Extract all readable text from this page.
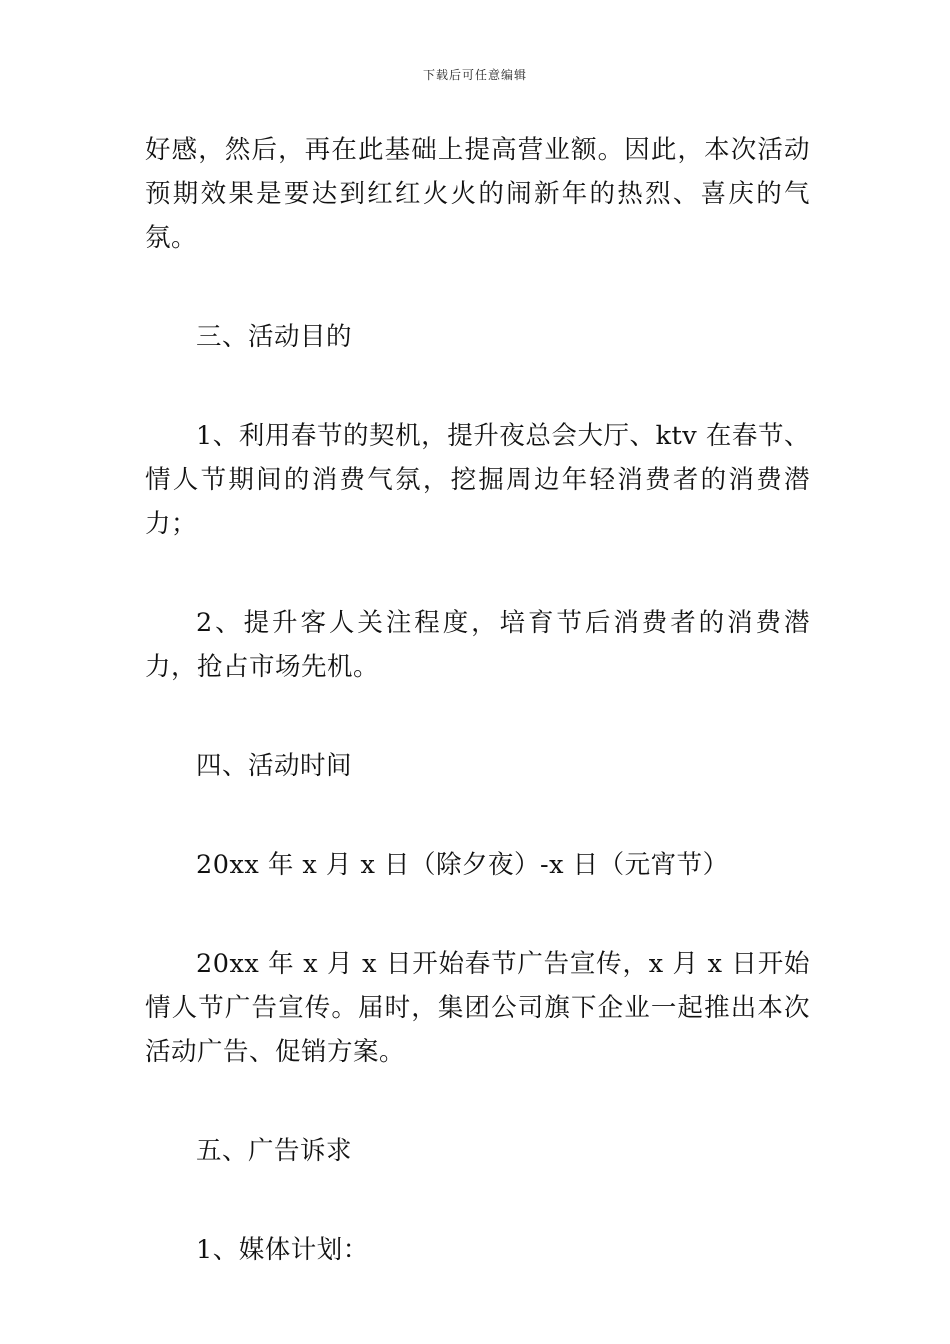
下载后可任意编辑

好感，然后，再在此基础上提高营业额。因此，本次活动预期效果是要达到红红火火的闹新年的热烈、喜庆的气氛。

三、活动目的

1、利用春节的契机，提升夜总会大厅、ktv 在春节、情人节期间的消费气氛，挖掘周边年轻消费者的消费潜力；

2、提升客人关注程度，培育节后消费者的消费潜力，抢占市场先机。

四、活动时间

20xx 年 x 月 x 日（除夕夜）-x 日（元宵节）

20xx 年 x 月 x 日开始春节广告宣传，x 月 x 日开始情人节广告宣传。届时，集团公司旗下企业一起推出本次活动广告、促销方案。

五、广告诉求

1、媒体计划：
